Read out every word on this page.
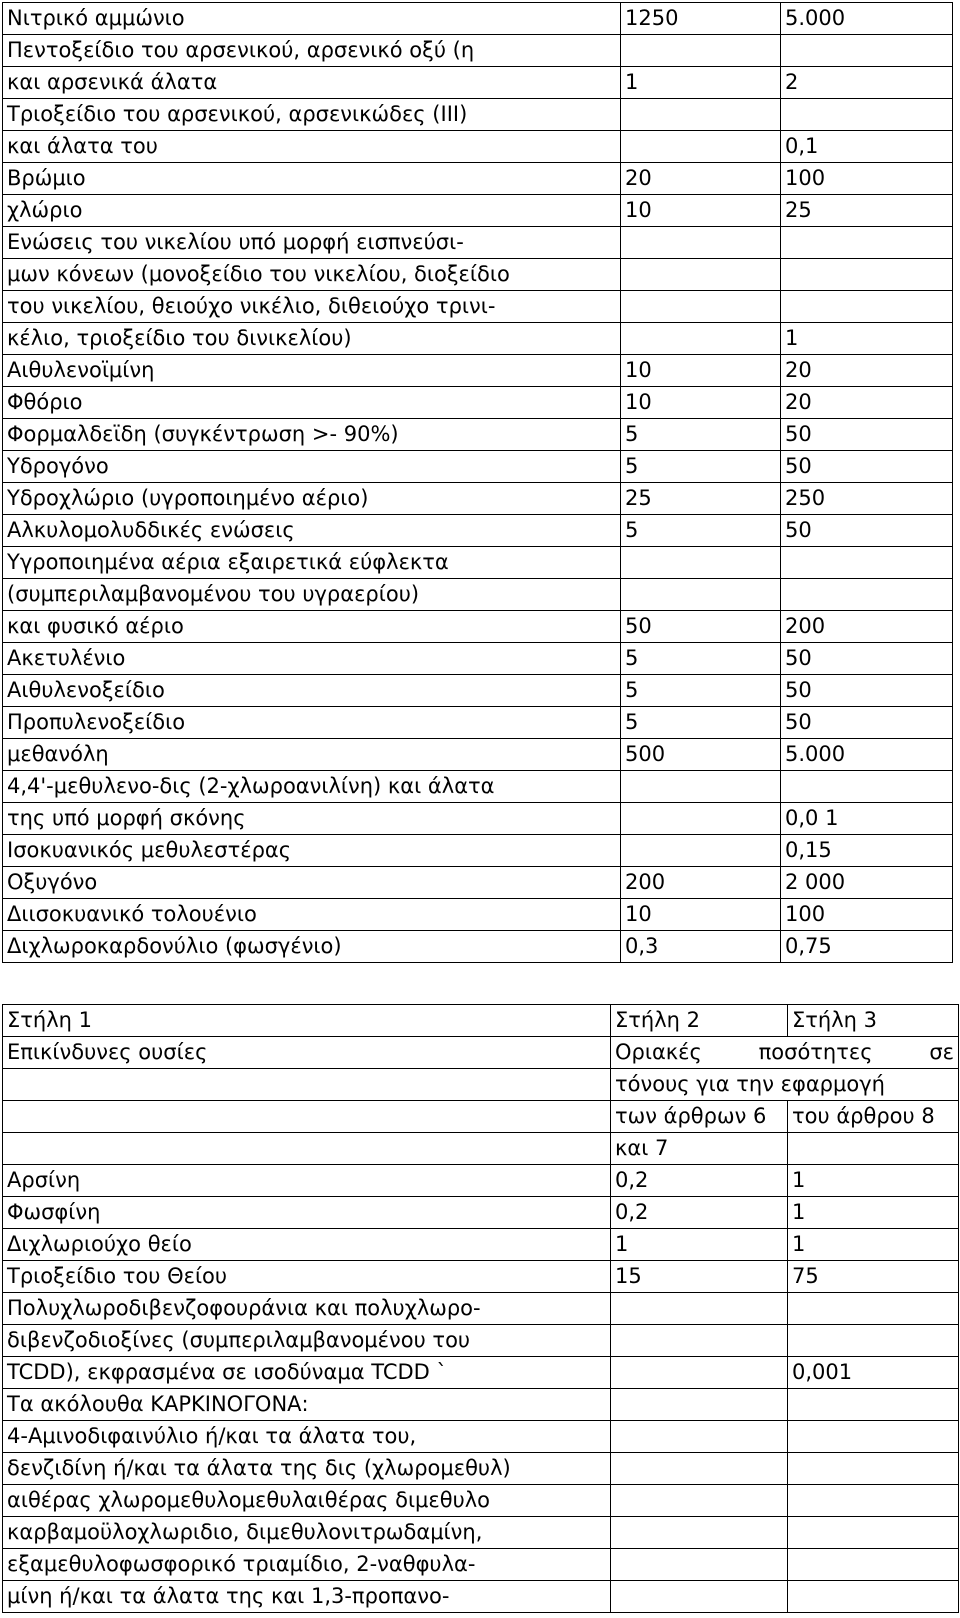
Νιτρικό αμμώνιο	1250	5.000
Πεντοξείδιο του αρσενικού, αρσενικό οξύ (η		
και αρσενικά άλατα	1	2
Τριοξείδιο του αρσενικού, αρσενικώδες (III)		
και άλατα του		0,1
Βρώμιο	20	100
χλώριο	10	25
Ενώσεις του νικελίου υπό μορφή εισπνεύσι-		
μων κόνεων (μονοξείδιο του νικελίου, διοξείδιο		
του νικελίου, θειούχο νικέλιο, διθειούχο τρινι-		
κέλιο, τριοξείδιο του δινικελίου)		1
Αιθυλενοϊμίνη	10	20
Φθόριο	10	20
Φορμαλδεϊδη (συγκέντρωση >- 90%)	5	50
Υδρογόνο	5	50
Υδροχλώριο (υγροποιημένο αέριο)	25	250
Αλκυλομολυδδικές ενώσεις	5	50
Υγροποιημένα αέρια εξαιρετικά εύφλεκτα		
(συμπεριλαμβανομένου του υγραερίου)		
και φυσικό αέριο	50	200
Ακετυλένιο	5	50
Αιθυλενοξείδιο	5	50
Προπυλενοξείδιο	5	50
μεθανόλη	500	5.000
4,4'-μεθυλενο-δις (2-χλωροανιλίνη) και άλατα		
της υπό μορφή σκόνης		0,0 1
Ισοκυανικός μεθυλεστέρας		0,15
Οξυγόνο	200	2 000
Διισοκυανικό τολουένιο	10	100
Διχλωροκαρδονύλιο (φωσγένιο)	0,3	0,75
Στήλη 1	Στήλη 2	Στήλη 3
Επικίνδυνες ουσίες	Οριακές ποσότητες σε	
	τόνους για την εφαρμογή	
	των άρθρων 6	του άρθρου 8
	και 7	
Αρσίνη	0,2	1
Φωσφίνη	0,2	1
Διχλωριούχο θείο	1	1
Τριοξείδιο του Θείου	15	75
Πολυχλωροδιβενζοφουράνια και πολυχλωρο-		
διβενζοδιοξίνες (συμπεριλαμβανομένου του		
TCDD), εκφρασμένα σε ισοδύναμα TCDD `		0,001
Τα ακόλουθα ΚΑΡΚΙΝΟΓΟΝΑ:		
4-Αμινοδιφαινύλιο ή/και τα άλατα του,		
δενζιδίνη ή/και τα άλατα της δις (χλωρομεθυλ)		
αιθέρας χλωρομεθυλομεθυλαιθέρας διμεθυλο		
καρβαμοϋλοχλωριδιο, διμεθυλονιτρωδαμίνη,		
εξαμεθυλοφωσφορικό τριαμίδιο, 2-ναθφυλα-		
μίνη ή/και τα άλατα της και 1,3-προπανο-		
